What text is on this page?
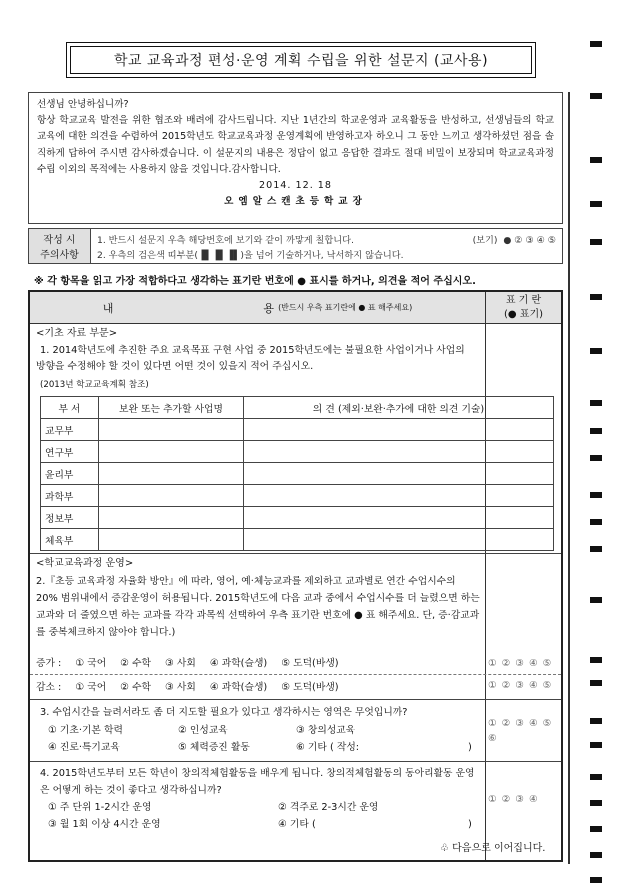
학교 교육과정 편성·운영 계획 수립을 위한 설문지 (교사용)
선생님 안녕하십니까?
항상 학교교육 발전을 위한 협조와 배려에 감사드립니다. 지난 1년간의 학교운영과 교육활동을 반성하고, 선생님들의 학교 교육에 대한 의견을 수렴하여 2015학년도 학교교육과정 운영계획에 반영하고자 하오니 그 동안 느끼고 생각하셨던 점을 솔직하게 답하여 주시면 감사하겠습니다. 이 설문지의 내용은 정답이 없고 응답한 결과도 절대 비밀이 보장되며 학교교육과정 수립 이외의 목적에는 사용하지 않을 것입니다.감사합니다.
2014. 12. 18
오엠알스캔초등학교장
작성 시
주의사항
1. 반드시 설문지 우측 해당번호에 보기와 같이 까맣게 칠합니다.	(보기) ● ② ③ ④ ⑤
2. 우측의 검은색 띠부분(▐▌▐▌▐▌)을 넘어 기술하거나, 낙서하지 않습니다.
※ 각 항목을 읽고 가장 적합하다고 생각하는 표기란 번호에 ● 표시를 하거나, 의견을 적어 주십시오.
내	용 (반드시 우측 표기란에 ● 표 해주세요)
표 기 란
(● 표기)
<기초 자료 부문>
1. 2014학년도에 추진한 주요 교육목표 구현 사업 중 2015학년도에는 불필요한 사업이거나 사업의 방향을 수정해야 할 것이 있다면 어떤 것이 있을지 적어 주십시오.
(2013년 학교교육계획 참조)
부 서	보완 또는 추가할 사업명	의 견 (제외·보완·추가에 대한 의견 기술)
교무부		
연구부		
윤리부		
과학부		
정보부		
체육부		
<학교교육과정 운영>
2.『초등 교육과정 자율화 방안』에 따라, 영어, 예·체능교과를 제외하고 교과별로 연간 수업시수의 20% 범위내에서 증감운영이 허용됩니다. 2015학년도에 다음 교과 중에서 수업시수를 더 늘렸으면 하는 교과와 더 줄였으면 하는 교과를 각각 과목씩 선택하여 우측 표기란 번호에 ● 표 해주세요. 단, 증·감교과를 중복체크하지 않아야 합니다.)
증가 : ① 국어 ② 수학 ③ 사회 ④ 과학(슬생) ⑤ 도덕(바생)	① ② ③ ④ ⑤
감소 : ① 국어 ② 수학 ③ 사회 ④ 과학(슬생) ⑤ 도덕(바생)	① ② ③ ④ ⑤
3. 수업시간을 늘려서라도 좀 더 지도할 필요가 있다고 생각하시는 영역은 무엇입니까?
① 기초·기본 학력	② 인성교육	③ 창의성교육
④ 진로·특기교육	⑤ 체력증진 활동	⑥ 기타 ( 작성:	)
① ② ③ ④ ⑤
⑥
4. 2015학년도부터 모든 학년이 창의적체험활동을 배우게 됩니다. 창의적체험활동의 동아리활동 운영은 어떻게 하는 것이 좋다고 생각하십니까?
① 주 단위 1-2시간 운영	② 격주로 2-3시간 운영
③ 월 1회 이상 4시간 운영	④ 기타 (	)
① ② ③ ④
♧ 다음으로 이어집니다.
